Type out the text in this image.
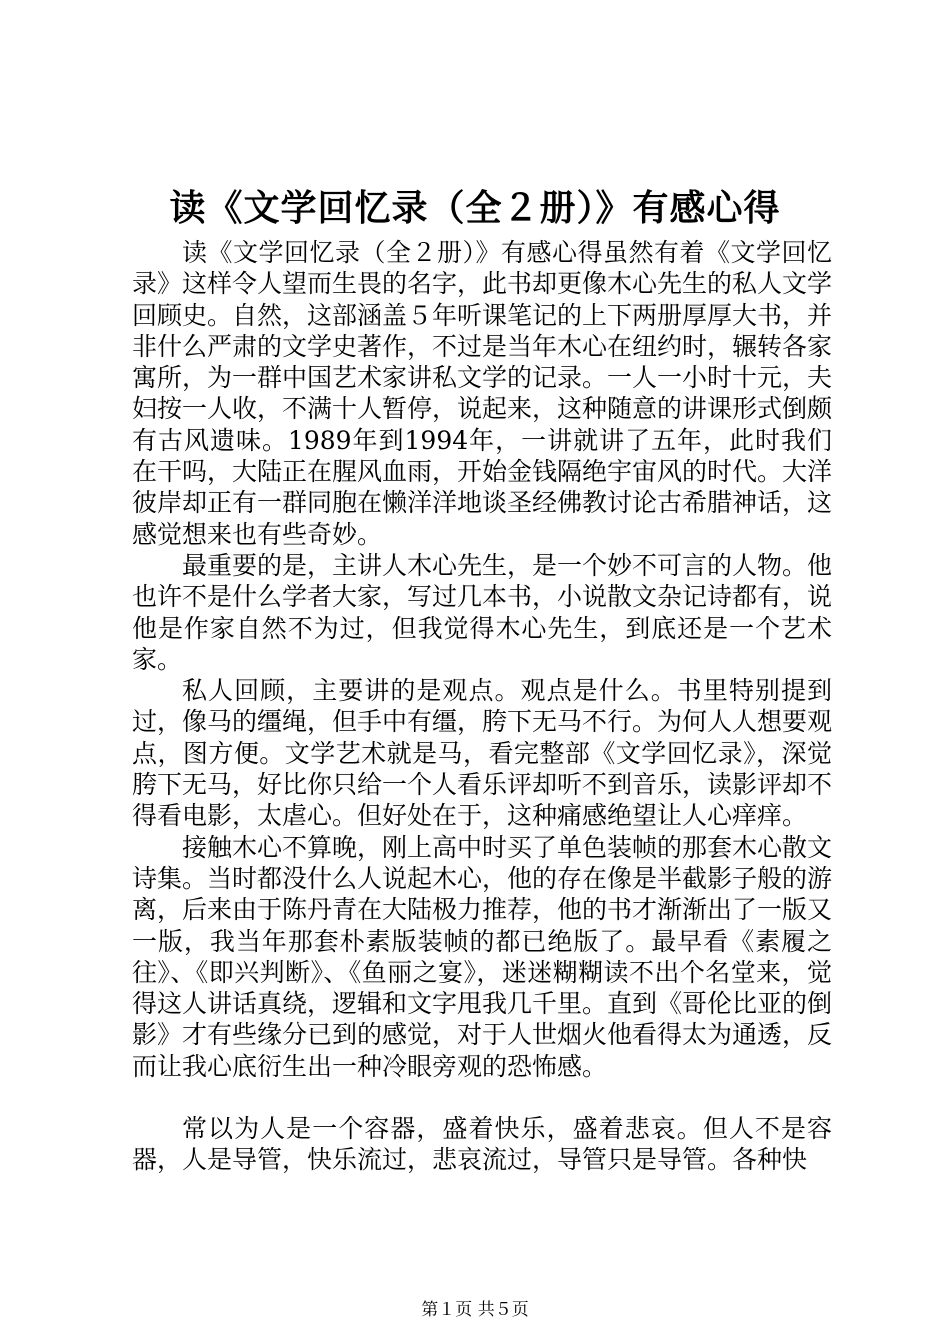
读《文学回忆录（全２册）》有感心得

读《文学回忆录（全２册）》有感心得虽然有着《文学回忆录》这样令人望而生畏的名字，此书却更像木心先生的私人文学回顾史。自然，这部涵盖５年听课笔记的上下两册厚厚大书，并非什么严肃的文学史著作，不过是当年木心在纽约时，辗转各家寓所，为一群中国艺术家讲私文学的记录。一人一小时十元，夫妇按一人收，不满十人暂停，说起来，这种随意的讲课形式倒颇有古风遗味。1989年到1994年，一讲就讲了五年，此时我们在干吗，大陆正在腥风血雨，开始金钱隔绝宇宙风的时代。大洋彼岸却正有一群同胞在懒洋洋地谈圣经佛教讨论古希腊神话，这感觉想来也有些奇妙。

最重要的是，主讲人木心先生，是一个妙不可言的人物。他也许不是什么学者大家，写过几本书，小说散文杂记诗都有，说他是作家自然不为过，但我觉得木心先生，到底还是一个艺术家。

私人回顾，主要讲的是观点。观点是什么。书里特别提到过，像马的缰绳，但手中有缰，胯下无马不行。为何人人想要观点，图方便。文学艺术就是马，看完整部《文学回忆录》，深觉胯下无马，好比你只给一个人看乐评却听不到音乐，读影评却不得看电影，太虐心。但好处在于，这种痛感绝望让人心痒痒。

接触木心不算晚，刚上高中时买了单色装帧的那套木心散文诗集。当时都没什么人说起木心，他的存在像是半截影子般的游离，后来由于陈丹青在大陆极力推荐，他的书才渐渐出了一版又一版，我当年那套朴素版装帧的都已绝版了。最早看《素履之往》、《即兴判断》、《鱼丽之宴》，迷迷糊糊读不出个名堂来，觉得这人讲话真绕，逻辑和文字甩我几千里。直到《哥伦比亚的倒影》才有些缘分已到的感觉，对于人世烟火他看得太为通透，反而让我心底衍生出一种冷眼旁观的恐怖感。

常以为人是一个容器，盛着快乐，盛着悲哀。但人不是容器，人是导管，快乐流过，悲哀流过，导管只是导管。各种快

第１页 共５页
